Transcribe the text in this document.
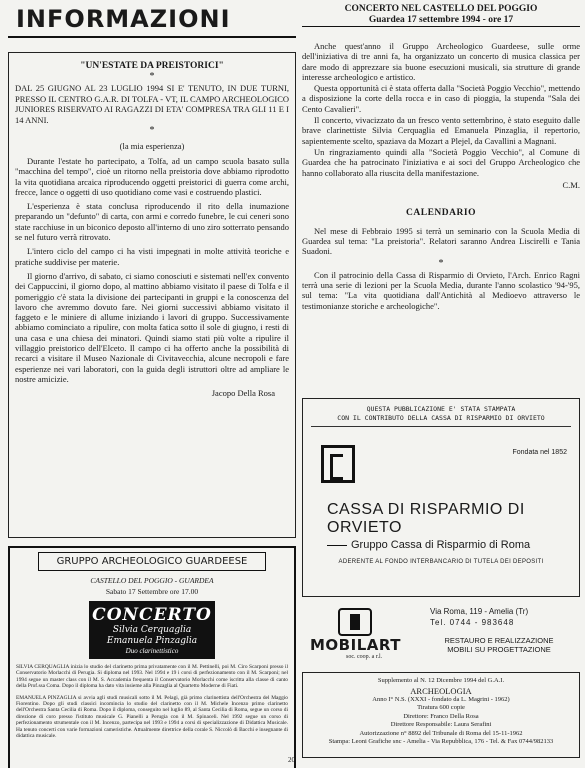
INFORMAZIONI
"UN'ESTATE DA PREISTORICI"
*
DAL 25 GIUGNO AL 23 LUGLIO 1994 SI E' TENUTO, IN DUE TURNI, PRESSO IL CENTRO G.A.R. DI TOLFA - VT, IL CAMPO ARCHEOLOGICO JUNIORES RISERVATO AI RAGAZZI DI ETA' COMPRESA TRA GLI 11 E I 14 ANNI.
*
(la mia esperienza)

Durante l'estate ho partecipato, a Tolfa, ad un campo scuola basato sulla "macchina del tempo", cioè un ritorno nella preistoria dove abbiamo riprodotto la vita quotidiana arcaica riproducendo oggetti preistorici di guerra come archi, frecce, lance o oggetti di uso quotidiano come vasi e costruendo plastici.

L'esperienza è stata conclusa riproducendo il rito della inumazione preparando un "defunto" di carta, con armi e corredo funebre, le cui ceneri sono state racchiuse in un biconico deposto all'interno di uno ziro sotterrato pensando se nel futuro verrà ritrovato.

L'intero ciclo del campo ci ha visti impegnati in molte attività teoriche e pratiche suddivise per materie.

Il giorno d'arrivo, di sabato, ci siamo conosciuti e sistemati nell'ex convento dei Cappuccini, il giorno dopo, al mattino abbiamo visitato il paese di Tolfa e il pomeriggio c'è stata la divisione dei partecipanti in gruppi e la conoscenza del lavoro che avremmo dovuto fare. Nei giorni successivi abbiamo visitato il faggeto e le miniere di allume iniziando i lavori di gruppo. Successivamente abbiamo cominciato a ripulire, con molta fatica sotto il sole di giugno, i resti di una casa e una chiesa dei minatori. Quindi siamo stati più volte a ripulire il villaggio preistorico dell'Elceto. Il campo ci ha offerto anche la possibilità di recarci a visitare il Museo Nazionale di Civitavecchia, alcune necropoli e fare esperienze nei vari laboratori, con la guida degli istruttori oltre ad ampliare le nostre amicizie.

Jacopo Della Rosa
GRUPPO ARCHEOLOGICO GUARDEESE
CASTELLO DEL POGGIO - GUARDEA
Sabato 17 Settembre ore 17.00
CONCERTO
Silvia Cerquaglia
Emanuela Pinzaglia
Duo clarinettistico

SILVIA CERQUAGLIA inizia lo studio del clarinetto prima privatamente con il M. Pettinelli, poi M. Ciro Scarponi presso il Conservatorio Morlacchi di Perugia. Si diploma nel 1993. Nel 1994 e 19 i corsi di perfezionamento con il M. Scarponi; nel 1994 segue un master class con il M. S. Accademia frequenta il Conservatorio Morlacchi come iscritta alla classe di canto della Prof.ssa Coma. Dopo il diploma ha dato vita insieme alla Pinzaglia al Quartetto Moderne di Fiati.

EMANUELA PINZAGLIA si avvia agli studi musicali sotto il M. Pelagi, già primo clarinettista dell'Orchestra del Maggio Fiorentino. Dopo gli studi classici incomincia lo studio del clarinetto con il M. Michele Incenzo primo clarinetto dell'Orchestra Santa Cecilia di Roma. Dopo il diploma, conseguito nel luglio 89, al Santa Cecilia di Roma, segue un corso di direzione di coro presso l'istituto musicale G. Pianelli a Perugia con il M. Spinaceli. Nel 1992 segue un corso di perfezionamento strumentale con il M. Incenzo, partecipa nel 1993 e 1994 a corsi di specializzazione di Didattica Musicale. Ha tenuto concerti con varie formazioni cameristiche. Attualmente direttrice della corale S. Niccolò di Bacchi e insegnante di didattica musicale.

CONCERTO NEL CASTELLO DEL POGGIO
Guardea 17 settembre 1994 - ore 17

Anche quest'anno il Gruppo Archeologico Guardeese, sulle orme dell'iniziativa di tre anni fa, ha organizzato un concerto di musica classica per dare modo di apprezzare sia buone esecuzioni musicali, sia strutture di grande interesse archeologico e artistico.

Questa opportunità ci è stata offerta dalla "Società Poggio Vecchio", mettendo a disposizione la corte della rocca e in caso di pioggia, la stupenda "Sala dei Cento Cavalieri".

Il concerto, vivacizzato da un fresco vento settembrino, è stato eseguito dalle brave clarinettiste Silvia Cerquaglia ed Emanuela Pinzaglia, il repertorio, sapientemente scelto, spaziava da Mozart a Plejel, da Cavallini a Magnani.

Un ringraziamento quindi alla "Società Poggio Vecchio", al Comune di Guardea che ha patrocinato l'iniziativa e ai soci del Gruppo Archeologico che hanno collaborato alla riuscita della manifestazione.

C.M.
CALENDARIO

Nel mese di Febbraio 1995 si terrà un seminario con la Scuola Media di Guardea sul tema: "La preistoria". Relatori saranno Andrea Liscirelli e Tania Suadoni.

*

Con il patrocinio della Cassa di Risparmio di Orvieto, l'Arch. Enrico Ragni terrà una serie di lezioni per la Scuola Media, durante l'anno scolastico '94-'95, sul tema: "La vita quotidiana dall'Antichità al Medioevo attraverso le testimonianze storiche e archeologiche".

QUESTA PUBBLICAZIONE E' STATA STAMPATA
CON IL CONTRIBUTO DELLA CASSA DI RISPARMIO DI ORVIETO
Fondata nel 1852
CASSA DI RISPARMIO DI ORVIETO
Gruppo Cassa di Risparmio di Roma
ADERENTE AL FONDO INTERBANCARIO DI TUTELA DEI DEPOSITI
MOBILART
soc. coop. a r.l.
Via Roma, 119 - Amelia (Tr)
Tel. 0744 - 983648
RESTAURO E REALIZZAZIONE
MOBILI SU PROGETTAZIONE
Supplemento al N. 12 Dicembre 1994 del G.A.I.
ARCHEOLOGIA
Anno I° N.S. (XXXI - fondato da L. Magrini - 1962)
Tiratura 600 copie
Direttore: Franco Della Rosa
Direttore Responsabile: Laura Serafini
Autorizzazione n° 8892 del Tribunale di Roma del 15-11-1962
Stampa: Leoni Grafiche snc - Amelia - Via Repubblica, 176 - Tel. & Fax 0744/982133
20
